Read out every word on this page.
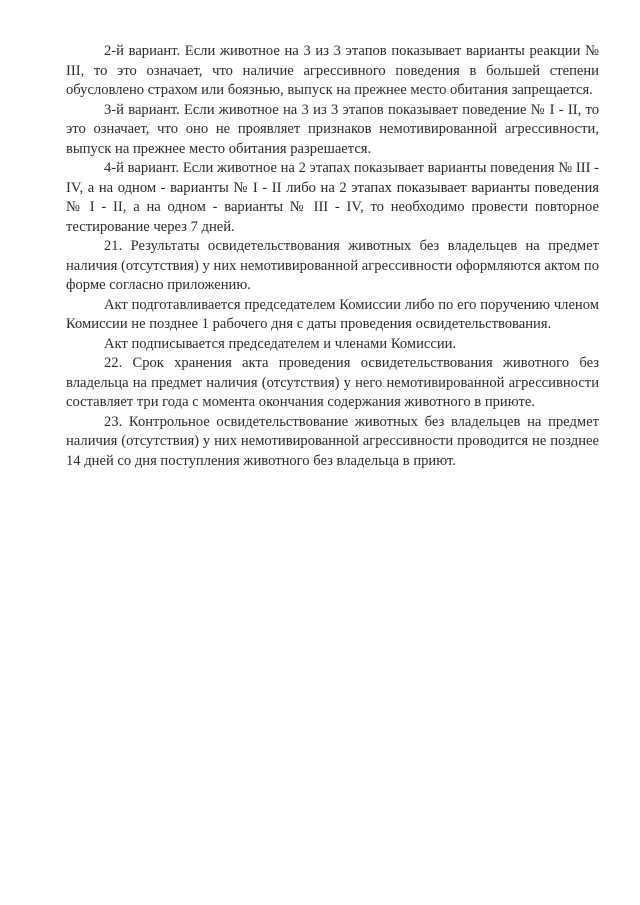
2-й вариант. Если животное на 3 из 3 этапов показывает варианты реакции № III, то это означает, что наличие агрессивного поведения в большей степени обусловлено страхом или боязнью, выпуск на прежнее место обитания запрещается.

3-й вариант. Если животное на 3 из 3 этапов показывает поведение № I - II, то это означает, что оно не проявляет признаков немотивированной агрессивности, выпуск на прежнее место обитания разрешается.

4-й вариант. Если животное на 2 этапах показывает варианты поведения № III - IV, а на одном - варианты № I - II либо на 2 этапах показывает варианты поведения № I - II, а на одном - варианты № III - IV, то необходимо провести повторное тестирование через 7 дней.

21. Результаты освидетельствования животных без владельцев на предмет наличия (отсутствия) у них немотивированной агрессивности оформляются актом по форме согласно приложению.

Акт подготавливается председателем Комиссии либо по его поручению членом Комиссии не позднее 1 рабочего дня с даты проведения освидетельствования.

Акт подписывается председателем и членами Комиссии.

22. Срок хранения акта проведения освидетельствования животного без владельца на предмет наличия (отсутствия) у него немотивированной агрессивности составляет три года с момента окончания содержания животного в приюте.

23. Контрольное освидетельствование животных без владельцев на предмет наличия (отсутствия) у них немотивированной агрессивности проводится не позднее 14 дней со дня поступления животного без владельца в приют.
